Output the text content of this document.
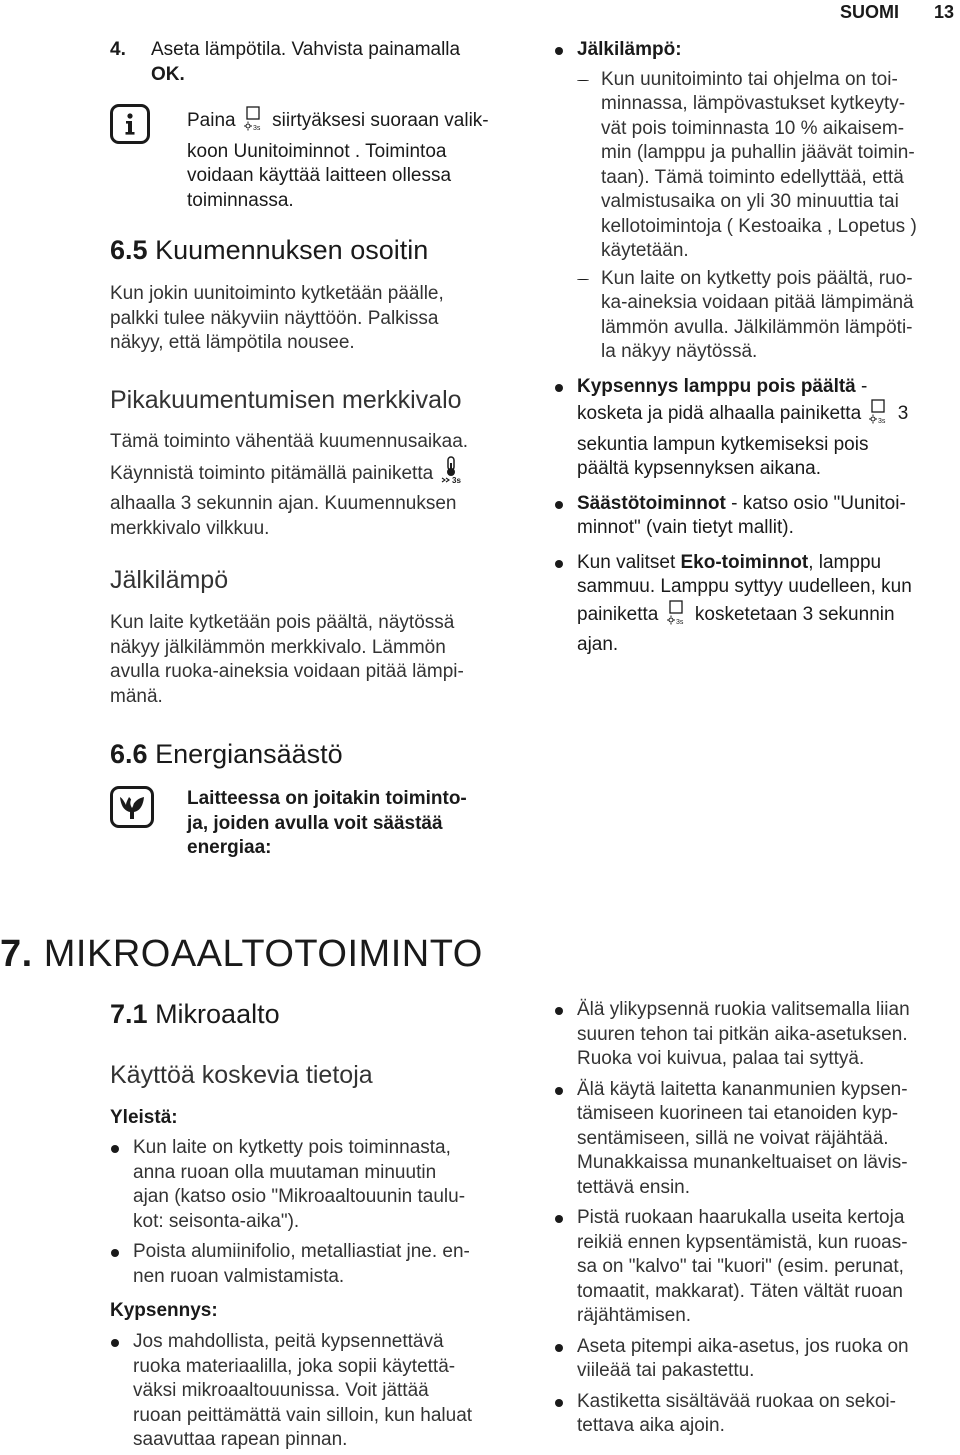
SUOMI 13
4. Aseta lämpötila. Vahvista painamalla
OK.
Paina 3s siirtyäksesi suoraan valik-
koon Uunitoiminnot . Toimintoa
voidaan käyttää laitteen ollessa
toiminnassa.
6.5 Kuumennuksen osoitin
Kun jokin uunitoiminto kytketään päälle,
palkki tulee näkyviin näyttöön. Palkissa
näkyy, että lämpötila nousee.
Pikakuumentumisen merkkivalo
Tämä toiminto vähentää kuumennusaikaa.
Käynnistä toiminto pitämällä painiketta 3s
alhaalla 3 sekunnin ajan. Kuumennuksen
merkkivalo vilkkuu.
Jälkilämpö
Kun laite kytketään pois päältä, näytössä
näkyy jälkilämmön merkkivalo. Lämmön
avulla ruoka-aineksia voidaan pitää lämpi-
mänä.
6.6 Energiansäästö
Laitteessa on joitakin toiminto-
ja, joiden avulla voit säästää
energiaa:
Jälkilämpö:
Kun uunitoiminto tai ohjelma on toi-
minnassa, lämpövastukset kytkeyty-
vät pois toiminnasta 10 % aikaisem-
min (lamppu ja puhallin jäävät toimin-
taan). Tämä toiminto edellyttää, että
valmistusaika on yli 30 minuuttia tai
kellotoimintoja ( Kestoaika , Lopetus )
käytetään.
Kun laite on kytketty pois päältä, ruo-
ka-aineksia voidaan pitää lämpimänä
lämmön avulla. Jälkilämmön lämpöti-
la näkyy näytössä.
Kypsennys lamppu pois päältä -
kosketa ja pidä alhaalla painiketta 3s 3
sekuntia lampun kytkemiseksi pois
päältä kypsennyksen aikana.
Säästötoiminnot - katso osio "Uunitoi-
minnot" (vain tietyt mallit).
Kun valitset Eko-toiminnot, lamppu
sammuu. Lamppu syttyy uudelleen, kun
painiketta 3s kosketetaan 3 sekunnin
ajan.
7. MIKROAALTOTOIMINTO
7.1 Mikroaalto
Käyttöä koskevia tietoja
Yleistä:
Kun laite on kytketty pois toiminnasta,
anna ruoan olla muutaman minuutin
ajan (katso osio "Mikroaaltouunin taulu-
kot: seisonta-aika").
Poista alumiinifolio, metalliastiat jne. en-
nen ruoan valmistamista.
Kypsennys:
Jos mahdollista, peitä kypsennettävä
ruoka materiaalilla, joka sopii käytettä-
väksi mikroaaltouunissa. Voit jättää
ruoan peittämättä vain silloin, kun haluat
saavuttaa rapean pinnan.
Älä ylikypsennä ruokia valitsemalla liian
suuren tehon tai pitkän aika-asetuksen.
Ruoka voi kuivua, palaa tai syttyä.
Älä käytä laitetta kananmunien kypsen-
tämiseen kuorineen tai etanoiden kyp-
sentämiseen, sillä ne voivat räjähtää.
Munakkaissa munankeltuaiset on lävis-
tettävä ensin.
Pistä ruokaan haarukalla useita kertoja
reikiä ennen kypsentämistä, kun ruoas-
sa on "kalvo" tai "kuori" (esim. perunat,
tomaatit, makkarat). Täten vältät ruoan
räjähtämisen.
Aseta pitempi aika-asetus, jos ruoka on
viileää tai pakastettu.
Kastiketta sisältävää ruokaa on sekoi-
tettava aika ajoin.
